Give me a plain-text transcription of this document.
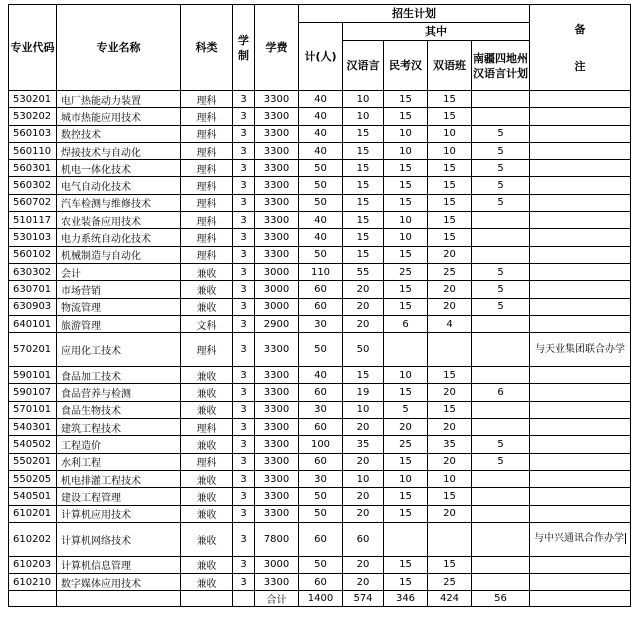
专业代码	专业名称	科类	学制	学费	招生计划					备
注

					计(人)	其中				
						汉语言	民考汉	双语班	南疆四地州汉语言计划	
530201	电厂热能动力装置	理科	3	3300	40	10	15	15		
530202	城市热能应用技术	理科	3	3300	40	10	15	15		
560103	数控技术	理科	3	3300	40	15	10	10	5	
560110	焊接技术与自动化	理科	3	3300	40	15	10	10	5	
560301	机电一体化技术	理科	3	3300	50	15	15	15	5	
560302	电气自动化技术	理科	3	3300	50	15	15	15	5	
560702	汽车检测与维修技术	理科	3	3300	50	15	15	15	5	
510117	农业装备应用技术	理科	3	3300	40	15	10	15		
530103	电力系统自动化技术	理科	3	3300	40	15	10	15		
560102	机械制造与自动化	理科	3	3300	50	15	15	20		
630302	会计	兼收	3	3000	110	55	25	25	5	
630701	市场营销	兼收	3	3000	60	20	15	20	5	
630903	物流管理	兼收	3	3000	60	20	15	20	5	
640101	旅游管理	文科	3	2900	30	20	6	4		
570201	应用化工技术	理科	3	3300	50	50				与天业集团联合办学
590101	食品加工技术	兼收	3	3300	40	15	10	15		
590107	食品营养与检测	兼收	3	3300	60	19	15	20	6	
570101	食品生物技术	兼收	3	3300	30	10	5	15		
540301	建筑工程技术	理科	3	3300	60	20	20	20		
540502	工程造价	兼收	3	3300	100	35	25	35	5	
550201	水利工程	理科	3	3300	60	20	15	20	5	
550205	机电排灌工程技术	兼收	3	3300	30	10	10	10		
540501	建设工程管理	兼收	3	3300	50	20	15	15		
610201	计算机应用技术	兼收	3	3300	50	20	15	20		
610202	计算机网络技术	兼收	3	7800	60	60				与中兴通讯合作办学
610203	计算机信息管理	兼收	3	3000	50	20	15	15		
610210	数字媒体应用技术	兼收	3	3300	60	20	15	25		
				合计	1400	574	346	424	56	
